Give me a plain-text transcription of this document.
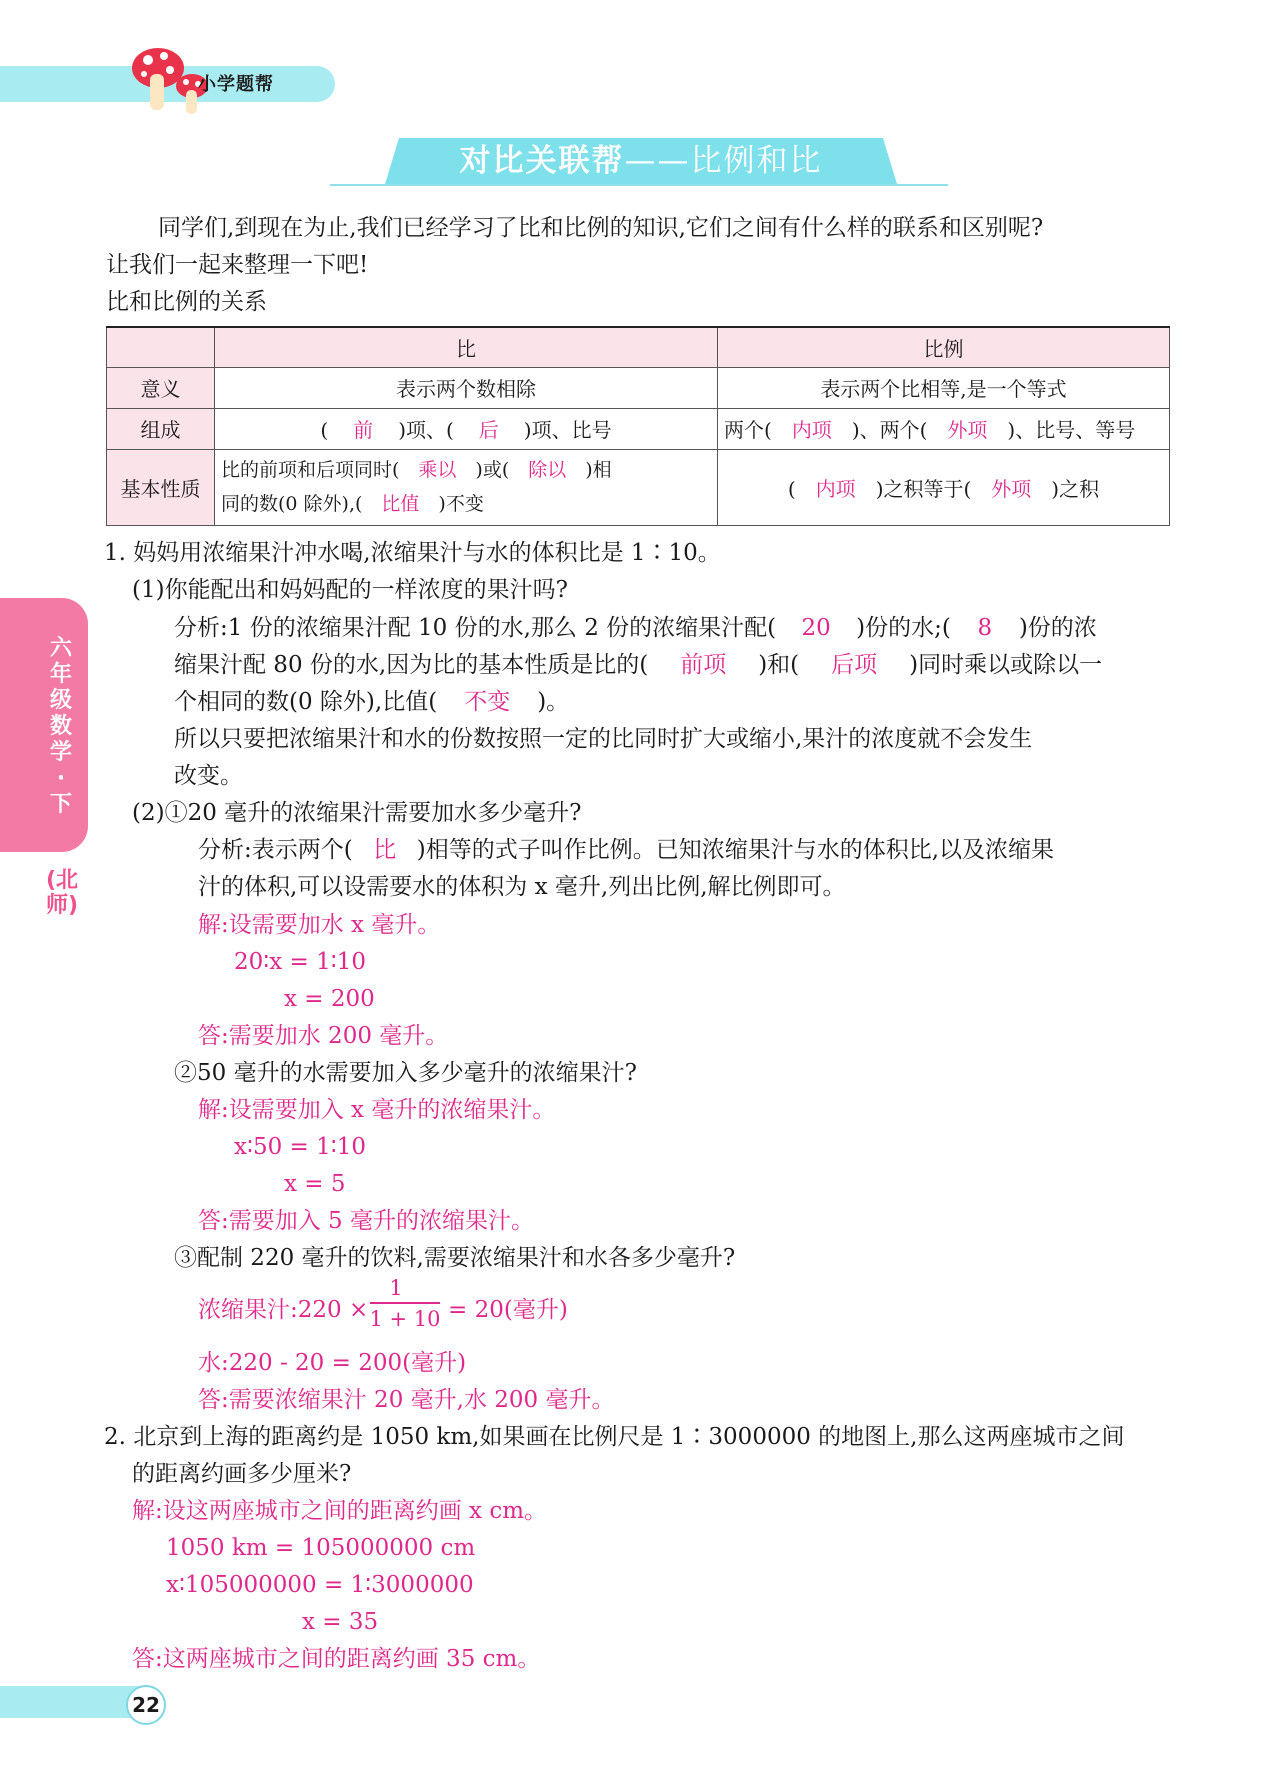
小学题帮
对比关联帮——比例和比
六年级数学·下
(北师)
同学们,到现在为止,我们已经学习了比和比例的知识,它们之间有什么样的联系和区别呢?
让我们一起来整理一下吧!
比和比例的关系
	比	比例
意义	表示两个数相除	表示两个比相等,是一个等式
组成	( 前 )项、( 后 )项、比号	两个( 内项 )、两个( 外项 )、比号、等号
基本性质	比的前项和后项同时( 乘以 )或( 除以 )相
同的数(0 除外),( 比值 )不变	( 内项 )之积等于( 外项 )之积
1. 妈妈用浓缩果汁冲水喝,浓缩果汁与水的体积比是 1∶10。
(1)你能配出和妈妈配的一样浓度的果汁吗?
分析:1 份的浓缩果汁配 10 份的水,那么 2 份的浓缩果汁配( 20 )份的水;( 8 )份的浓
缩果汁配 80 份的水,因为比的基本性质是比的( 前项 )和( 后项 )同时乘以或除以一
个相同的数(0 除外),比值( 不变 )。
所以只要把浓缩果汁和水的份数按照一定的比同时扩大或缩小,果汁的浓度就不会发生
改变。
(2)①20 毫升的浓缩果汁需要加水多少毫升?
分析:表示两个( 比 )相等的式子叫作比例。已知浓缩果汁与水的体积比,以及浓缩果
汁的体积,可以设需要水的体积为 x 毫升,列出比例,解比例即可。
解:设需要加水 x 毫升。
20∶x = 1∶10
x = 200
答:需要加水 200 毫升。
②50 毫升的水需要加入多少毫升的浓缩果汁?
解:设需要加入 x 毫升的浓缩果汁。
x∶50 = 1∶10
x = 5
答:需要加入 5 毫升的浓缩果汁。
③配制 220 毫升的饮料,需要浓缩果汁和水各多少毫升?
浓缩果汁:220 ×
1
1 + 10 = 20(毫升)
水:220 - 20 = 200(毫升)
答:需要浓缩果汁 20 毫升,水 200 毫升。
2. 北京到上海的距离约是 1050 km,如果画在比例尺是 1∶3000000 的地图上,那么这两座城市之间
的距离约画多少厘米?
解:设这两座城市之间的距离约画 x cm。
1050 km = 105000000 cm
x∶105000000 = 1∶3000000
x = 35
答:这两座城市之间的距离约画 35 cm。
22
